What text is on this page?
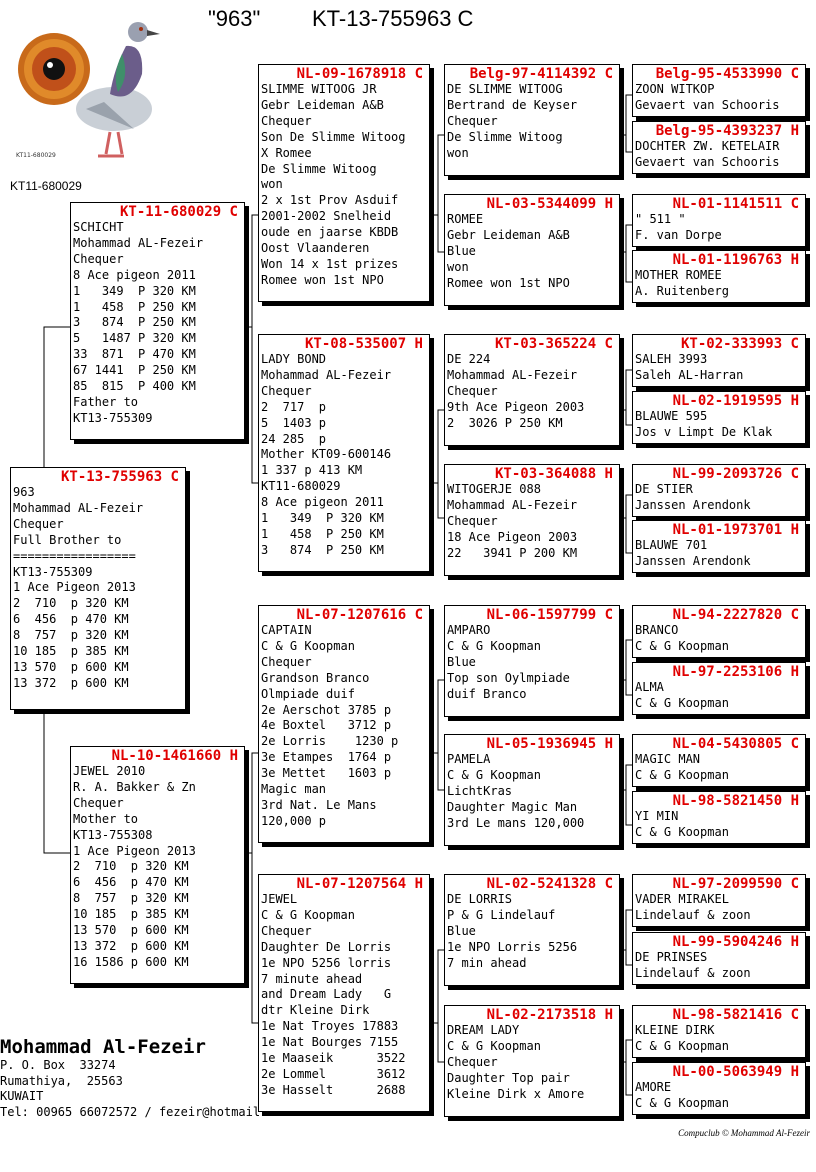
"963" KT-13-755963 C
KT11-680029
KT11-680029
KT-13-755963 C
963
Mohammad AL-Fezeir
Chequer
Full Brother to
=================
KT13-755309
1 Ace Pigeon 2013
2  710  p 320 KM
6  456  p 470 KM
8  757  p 320 KM
10 185  p 385 KM
13 570  p 600 KM
13 372  p 600 KM
KT-11-680029 C
SCHICHT
Mohammad AL-Fezeir
Chequer
8 Ace pigeon 2011
1   349  P 320 KM
1   458  P 250 KM
3   874  P 250 KM
5   1487 P 320 KM
33  871  P 470 KM
67 1441  P 250 KM
85  815  P 400 KM
Father to
KT13-755309
NL-10-1461660 H
JEWEL 2010
R. A. Bakker & Zn
Chequer
Mother to
KT13-755308
1 Ace Pigeon 2013
2  710  p 320 KM
6  456  p 470 KM
8  757  p 320 KM
10 185  p 385 KM
13 570  p 600 KM
13 372  p 600 KM
16 1586 p 600 KM
NL-09-1678918 C
SLIMME WITOOG JR
Gebr Leideman A&B
Chequer
Son De Slimme Witoog
X Romee
De Slimme Witoog
won
2 x 1st Prov Asduif
2001-2002 Snelheid
oude en jaarse KBDB
Oost Vlaanderen
Won 14 x 1st prizes
Romee won 1st NPO
KT-08-535007 H
LADY BOND
Mohammad AL-Fezeir
Chequer
2  717  p
5  1403 p
24 285  p
Mother KT09-600146
1 337 p 413 KM
KT11-680029
8 Ace pigeon 2011
1   349  P 320 KM
1   458  P 250 KM
3   874  P 250 KM
NL-07-1207616 C
CAPTAIN
C & G Koopman
Chequer
Grandson Branco
Olmpiade duif
2e Aerschot 3785 p
4e Boxtel   3712 p
2e Lorris    1230 p
3e Etampes  1764 p
3e Mettet   1603 p
Magic man
3rd Nat. Le Mans
120,000 p
NL-07-1207564 H
JEWEL
C & G Koopman
Chequer
Daughter De Lorris
1e NPO 5256 lorris
7 minute ahead
and Dream Lady   G
dtr Kleine Dirk
1e Nat Troyes 17883
1e Nat Bourges 7155
1e Maaseik      3522
2e Lommel       3612
3e Hasselt      2688
Belg-97-4114392 C
DE SLIMME WITOOG
Bertrand de Keyser
Chequer
De Slimme Witoog
won
NL-03-5344099 H
ROMEE
Gebr Leideman A&B
Blue
won
Romee won 1st NPO
KT-03-365224 C
DE 224
Mohammad AL-Fezeir
Chequer
9th Ace Pigeon 2003
2  3026 P 250 KM
KT-03-364088 H
WITOGERJE 088
Mohammad AL-Fezeir
Chequer
18 Ace Pigeon 2003
22   3941 P 200 KM
NL-06-1597799 C
AMPARO
C & G Koopman
Blue
Top son Oylmpiade
duif Branco
NL-05-1936945 H
PAMELA
C & G Koopman
LichtKras
Daughter Magic Man
3rd Le mans 120,000
NL-02-5241328 C
DE LORRIS
P & G Lindelauf
Blue
1e NPO Lorris 5256
7 min ahead
NL-02-2173518 H
DREAM LADY
C & G Koopman
Chequer
Daughter Top pair
Kleine Dirk x Amore
Belg-95-4533990 C
ZOON WITKOP
Gevaert van Schooris
Belg-95-4393237 H
DOCHTER ZW. KETELAIR
Gevaert van Schooris
NL-01-1141511 C
" 511 "
F. van Dorpe
NL-01-1196763 H
MOTHER ROMEE
A. Ruitenberg
KT-02-333993 C
SALEH 3993
Saleh AL-Harran
NL-02-1919595 H
BLAUWE 595
Jos v Limpt De Klak
NL-99-2093726 C
DE STIER
Janssen Arendonk
NL-01-1973701 H
BLAUWE 701
Janssen Arendonk
NL-94-2227820 C
BRANCO
C & G Koopman
NL-97-2253106 H
ALMA
C & G Koopman
NL-04-5430805 C
MAGIC MAN
C & G Koopman
NL-98-5821450 H
YI MIN
C & G Koopman
NL-97-2099590 C
VADER MIRAKEL
Lindelauf & zoon
NL-99-5904246 H
DE PRINSES
Lindelauf & zoon
NL-98-5821416 C
KLEINE DIRK
C & G Koopman
NL-00-5063949 H
AMORE
C & G Koopman
Mohammad Al-Fezeir
P. O. Box  33274
Rumathiya,  25563
KUWAIT
Tel: 00965 66072572 / fezeir@hotmail.
Compuclub © Mohammad Al-Fezeir
